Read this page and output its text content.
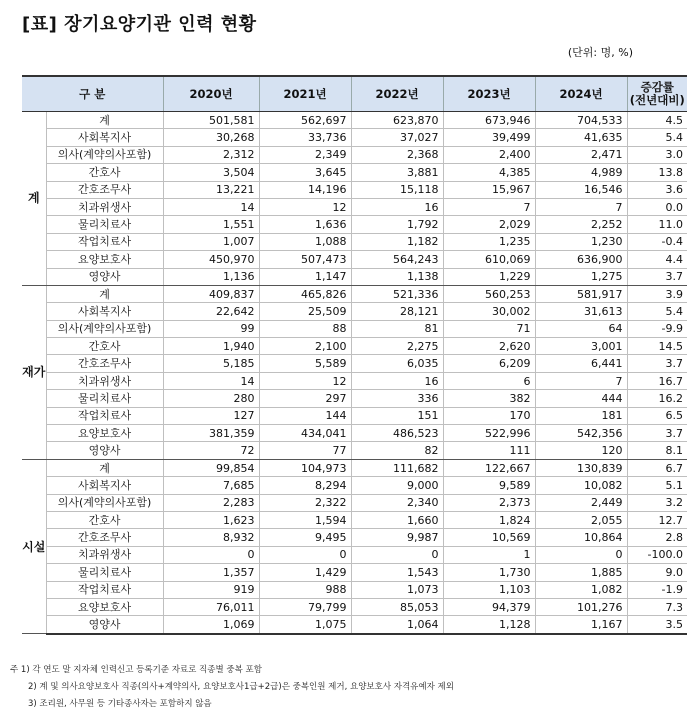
[표] 장기요양기관 인력 현황
(단위: 명, %)
구 분		2020년	2021년	2022년	2023년	2024년	증감률
(전년대비)
계	계	501,581	562,697	623,870	673,946	704,533	4.5
	사회복지사	30,268	33,736	37,027	39,499	41,635	5.4
	의사(계약의사포함)	2,312	2,349	2,368	2,400	2,471	3.0
	간호사	3,504	3,645	3,881	4,385	4,989	13.8
	간호조무사	13,221	14,196	15,118	15,967	16,546	3.6
	치과위생사	14	12	16	7	7	0.0
	물리치료사	1,551	1,636	1,792	2,029	2,252	11.0
	작업치료사	1,007	1,088	1,182	1,235	1,230	-0.4
	요양보호사	450,970	507,473	564,243	610,069	636,900	4.4
	영양사	1,136	1,147	1,138	1,229	1,275	3.7
재가	계	409,837	465,826	521,336	560,253	581,917	3.9
	사회복지사	22,642	25,509	28,121	30,002	31,613	5.4
	의사(계약의사포함)	99	88	81	71	64	-9.9
	간호사	1,940	2,100	2,275	2,620	3,001	14.5
	간호조무사	5,185	5,589	6,035	6,209	6,441	3.7
	치과위생사	14	12	16	6	7	16.7
	물리치료사	280	297	336	382	444	16.2
	작업치료사	127	144	151	170	181	6.5
	요양보호사	381,359	434,041	486,523	522,996	542,356	3.7
	영양사	72	77	82	111	120	8.1
시설	계	99,854	104,973	111,682	122,667	130,839	6.7
	사회복지사	7,685	8,294	9,000	9,589	10,082	5.1
	의사(계약의사포함)	2,283	2,322	2,340	2,373	2,449	3.2
	간호사	1,623	1,594	1,660	1,824	2,055	12.7
	간호조무사	8,932	9,495	9,987	10,569	10,864	2.8
	치과위생사	0	0	0	1	0	-100.0
	물리치료사	1,357	1,429	1,543	1,730	1,885	9.0
	작업치료사	919	988	1,073	1,103	1,082	-1.9
	요양보호사	76,011	79,799	85,053	94,379	101,276	7.3
	영양사	1,069	1,075	1,064	1,128	1,167	3.5
주 1) 각 연도 말 지자체 인력신고 등록기준 자료로 직종별 중복 포함
2) 계 및 의사요양보호사 직종(의사+계약의사, 요양보호사1급+2급)은 중복인원 제거, 요양보호사 자격유예자 제외
3) 조리원, 사무원 등 기타종사자는 포함하지 않음
